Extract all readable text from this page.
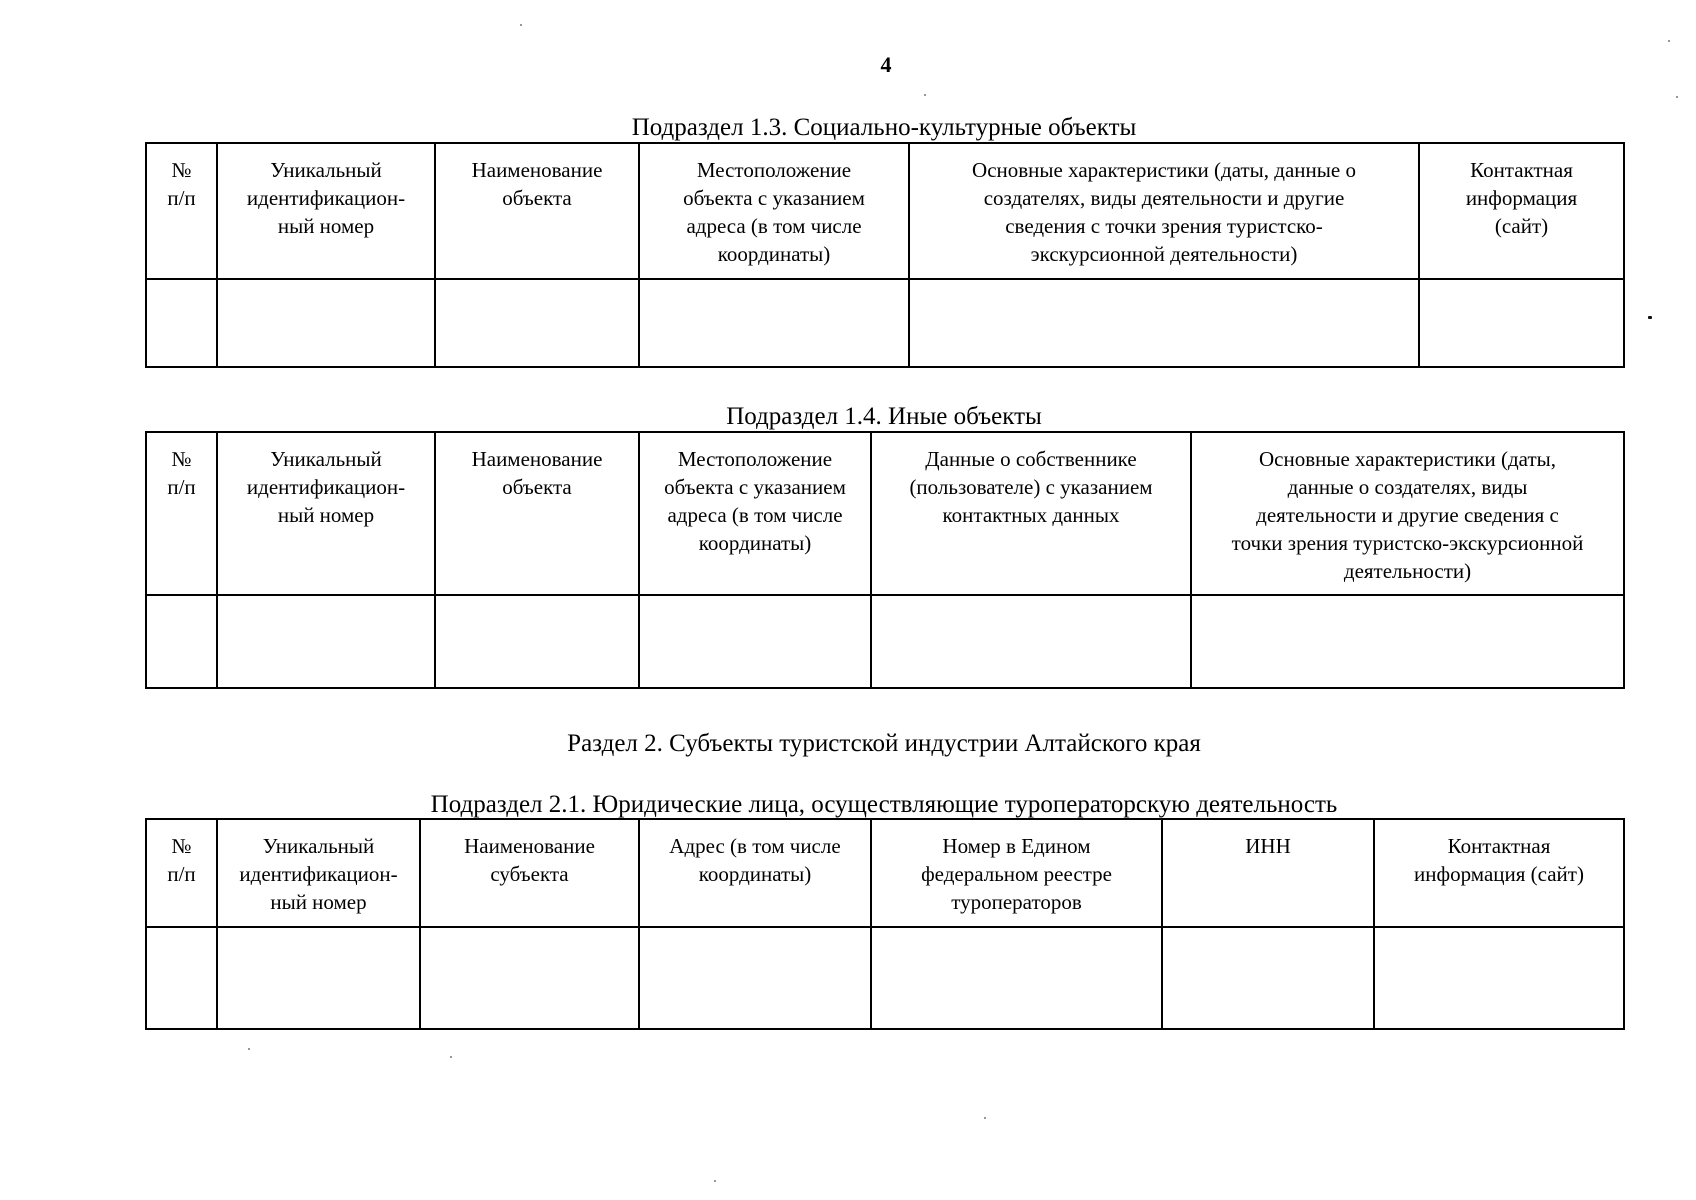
4
Подраздел 1.3. Социально-культурные объекты
№
п/п	Уникальный
идентификацион-
ный номер	Наименование
объекта	Местоположение
объекта с указанием
адреса (в том числе
координаты)	Основные характеристики (даты, данные о
создателях, виды деятельности и другие
сведения с точки зрения туристско-
экскурсионной деятельности)	Контактная
информация
(сайт)

Подраздел 1.4. Иные объекты
№
п/п	Уникальный
идентификацион-
ный номер	Наименование
объекта	Местоположение
объекта с указанием
адреса (в том числе
координаты)	Данные о собственнике
(пользователе) с указанием
контактных данных	Основные характеристики (даты,
данные о создателях, виды
деятельности и другие сведения с
точки зрения туристско-экскурсионной
деятельности)

Раздел 2. Субъекты туристской индустрии Алтайского края
Подраздел 2.1. Юридические лица, осуществляющие туроператорскую деятельность
№
п/п	Уникальный
идентификацион-
ный номер	Наименование
субъекта	Адрес (в том числе
координаты)	Номер в Едином
федеральном реестре
туроператоров	ИНН	Контактная
информация (сайт)
